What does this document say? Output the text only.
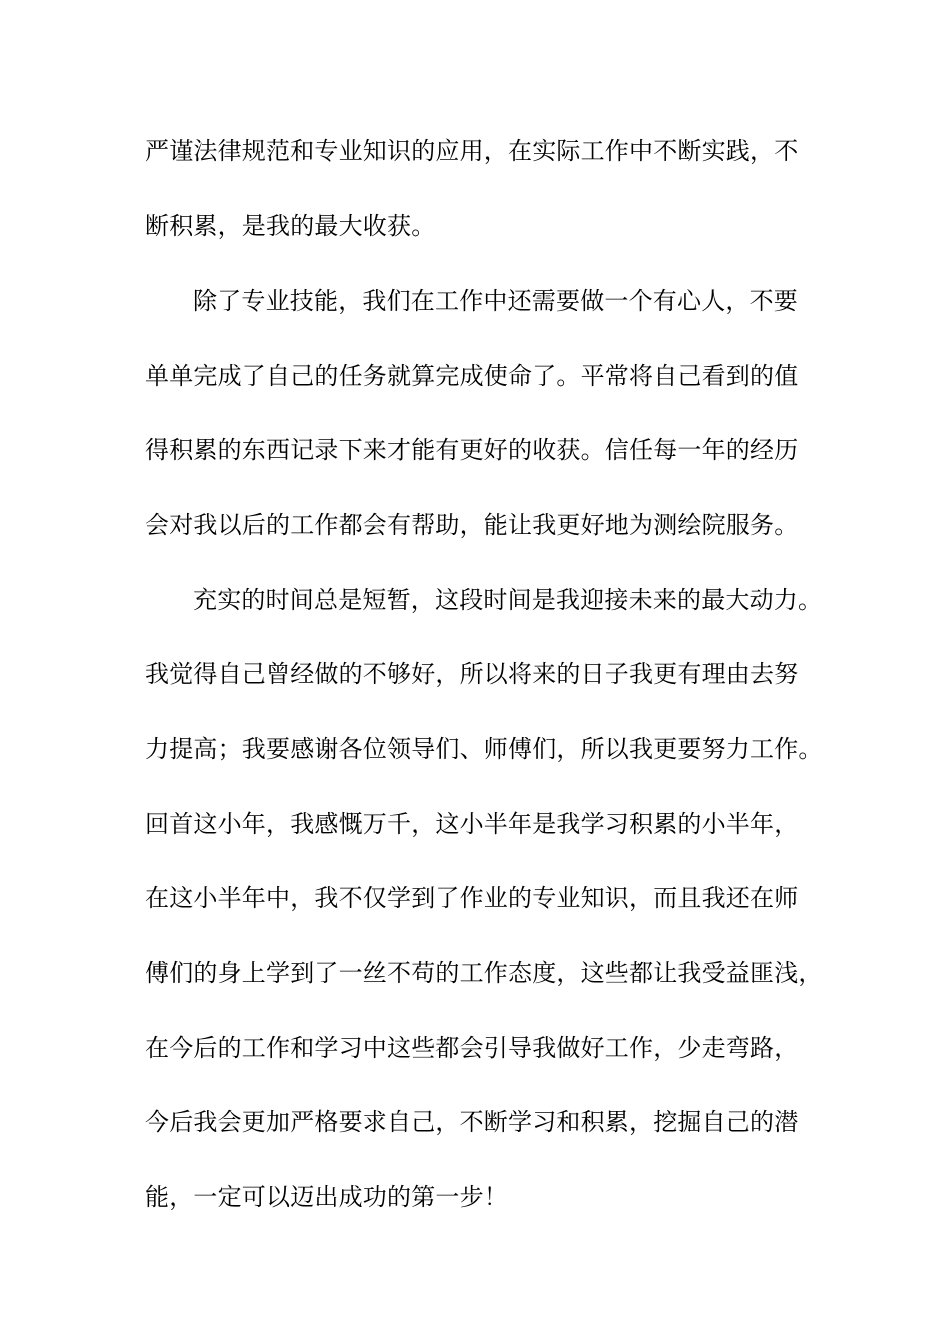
严谨法律规范和专业知识的应用，在实际工作中不断实践，不
断积累，是我的最大收获。
除了专业技能，我们在工作中还需要做一个有心人，不要
单单完成了自己的任务就算完成使命了。平常将自己看到的值
得积累的东西记录下来才能有更好的收获。信任每一年的经历
会对我以后的工作都会有帮助，能让我更好地为测绘院服务。
充实的时间总是短暂，这段时间是我迎接未来的最大动力。
我觉得自己曾经做的不够好，所以将来的日子我更有理由去努
力提高；我要感谢各位领导们、师傅们，所以我更要努力工作。
回首这小年，我感慨万千，这小半年是我学习积累的小半年，
在这小半年中，我不仅学到了作业的专业知识，而且我还在师
傅们的身上学到了一丝不苟的工作态度，这些都让我受益匪浅，
在今后的工作和学习中这些都会引导我做好工作，少走弯路，
今后我会更加严格要求自己，不断学习和积累，挖掘自己的潜
能，一定可以迈出成功的第一步！
